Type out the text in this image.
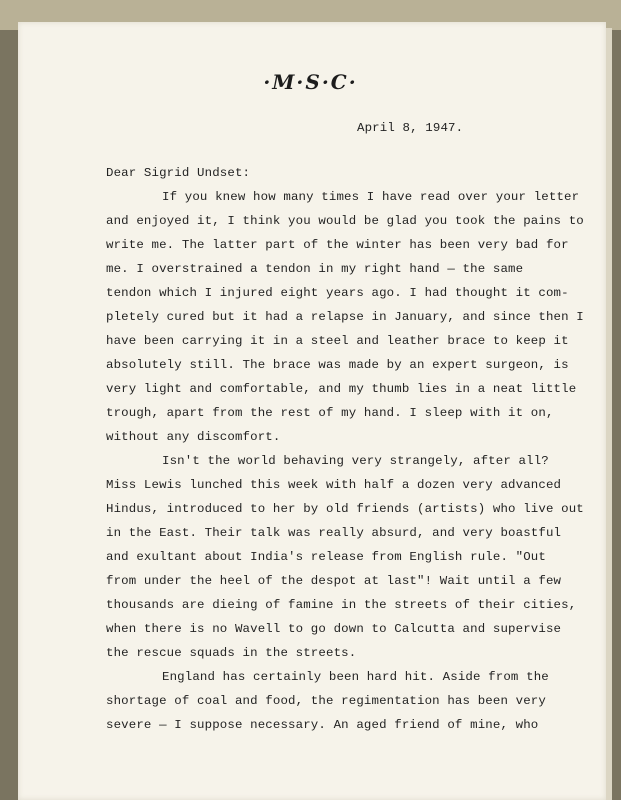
·M·S·C·
April 8, 1947.
Dear Sigrid Undset:
If you knew how many times I have read over your letter
and enjoyed it, I think you would be glad you took the pains to
write me. The latter part of the winter has been very bad for
me. I overstrained a tendon in my right hand — the same
tendon which I injured eight years ago. I had thought it com-
pletely cured but it had a relapse in January, and since then I
have been carrying it in a steel and leather brace to keep it
absolutely still. The brace was made by an expert surgeon, is
very light and comfortable, and my thumb lies in a neat little
trough, apart from the rest of my hand. I sleep with it on,
without any discomfort.
Isn't the world behaving very strangely, after all?
Miss Lewis lunched this week with half a dozen very advanced
Hindus, introduced to her by old friends (artists) who live out
in the East. Their talk was really absurd, and very boastful
and exultant about India's release from English rule. "Out
from under the heel of the despot at last"! Wait until a few
thousands are dieing of famine in the streets of their cities,
when there is no Wavell to go down to Calcutta and supervise
the rescue squads in the streets.
England has certainly been hard hit. Aside from the
shortage of coal and food, the regimentation has been very
severe — I suppose necessary. An aged friend of mine, who
